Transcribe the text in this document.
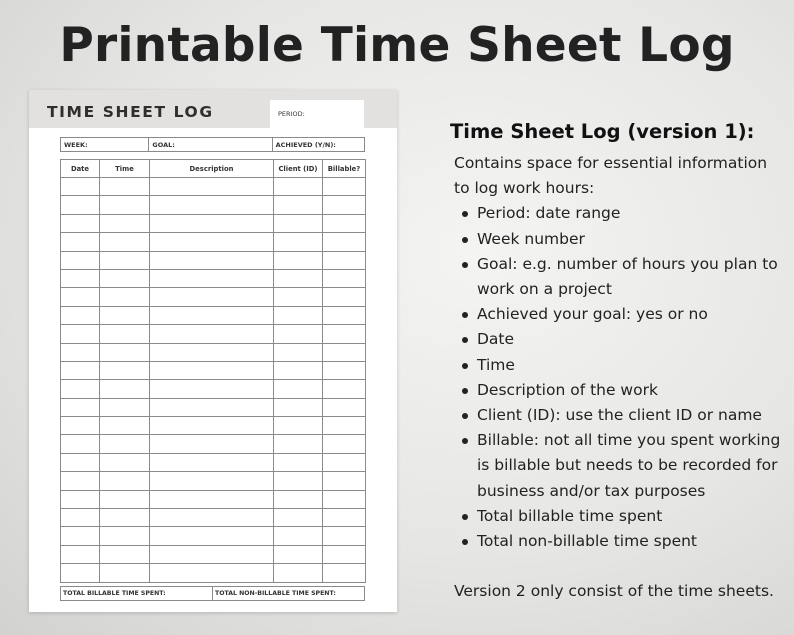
Printable Time Sheet Log
TIME SHEET LOG	PERIOD:
WEEK:	GOAL:	ACHIEVED (Y/N):
Date	Time	Description	Client (ID)	Billable?

TOTAL BILLABLE TIME SPENT:	TOTAL NON-BILLABLE TIME SPENT:
Time Sheet Log (version 1):
Contains space for essential information to log work hours:
Period: date range
Week number
Goal: e.g. number of hours you plan to work on a project
Achieved your goal: yes or no
Date
Time
Description of the work
Client (ID): use the client ID or name
Billable: not all time you spent working is billable but needs to be recorded for business and/or tax purposes
Total billable time spent
Total non-billable time spent
Version 2 only consist of the time sheets.
